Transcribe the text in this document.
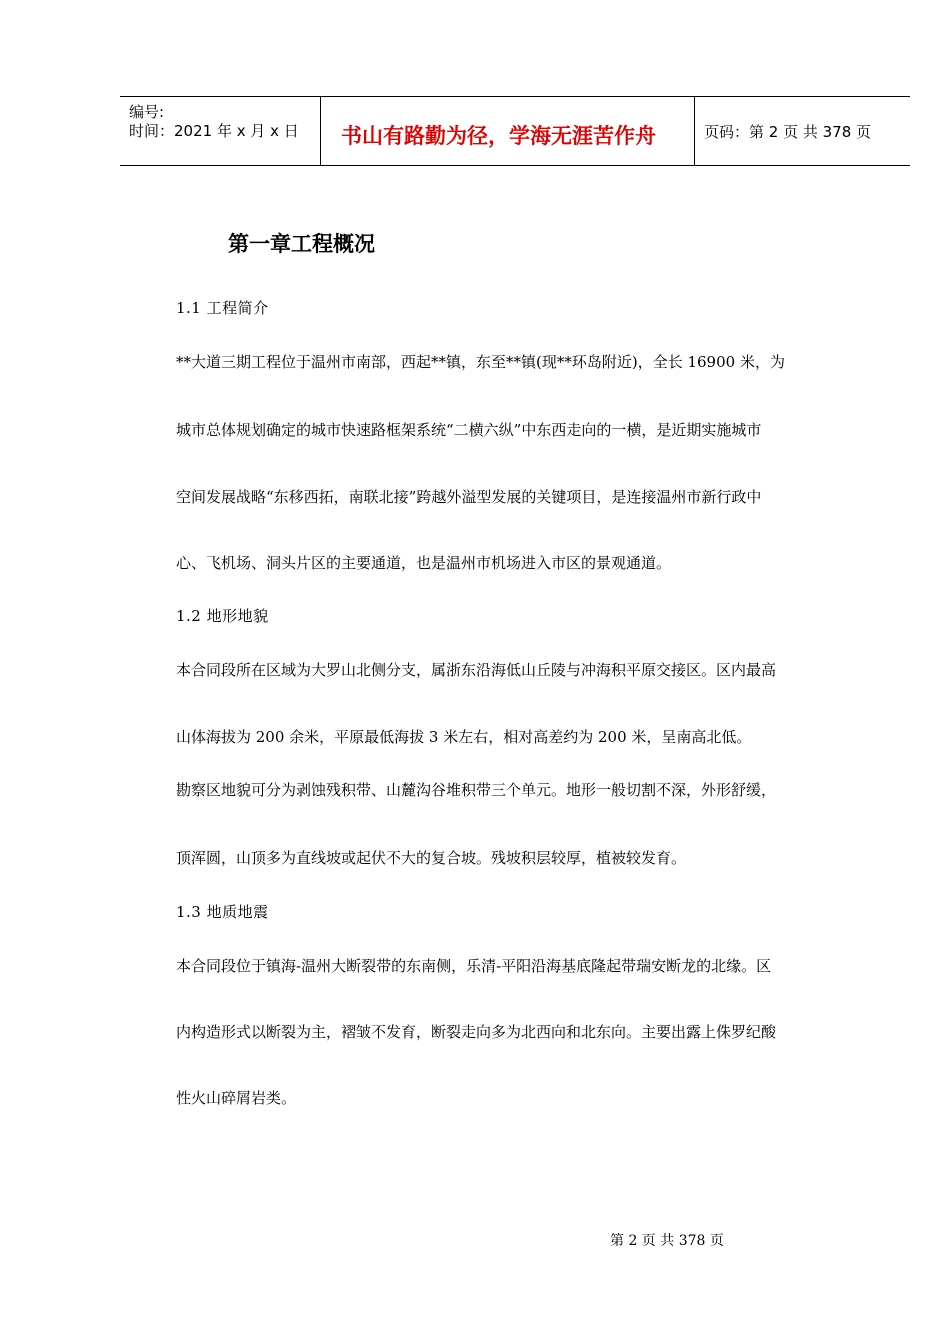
编号:
时间：2021 年 x 月 x 日 书山有路勤为径，学海无涯苦作舟	页码：第 2 页 共 378 页
第一章工程概况
1.1 工程简介
**大道三期工程位于温州市南部，西起**镇，东至**镇(现**环岛附近)，全长 16900 米，为
城市总体规划确定的城市快速路框架系统“二横六纵”中东西走向的一横，是近期实施城市
空间发展战略“东移西拓，南联北接”跨越外溢型发展的关键项目，是连接温州市新行政中
心、飞机场、洞头片区的主要通道，也是温州市机场进入市区的景观通道。
1.2 地形地貌
本合同段所在区域为大罗山北侧分支，属浙东沿海低山丘陵与冲海积平原交接区。区内最高
山体海拔为 200 余米，平原最低海拔 3 米左右，相对高差约为 200 米，呈南高北低。
勘察区地貌可分为剥蚀残积带、山麓沟谷堆积带三个单元。地形一般切割不深，外形舒缓，
顶浑圆，山顶多为直线坡或起伏不大的复合坡。残坡积层较厚，植被较发育。
1.3 地质地震
本合同段位于镇海-温州大断裂带的东南侧，乐清-平阳沿海基底隆起带瑞安断龙的北缘。区
内构造形式以断裂为主，褶皱不发育，断裂走向多为北西向和北东向。主要出露上侏罗纪酸
性火山碎屑岩类。
第 2 页 共 378 页
